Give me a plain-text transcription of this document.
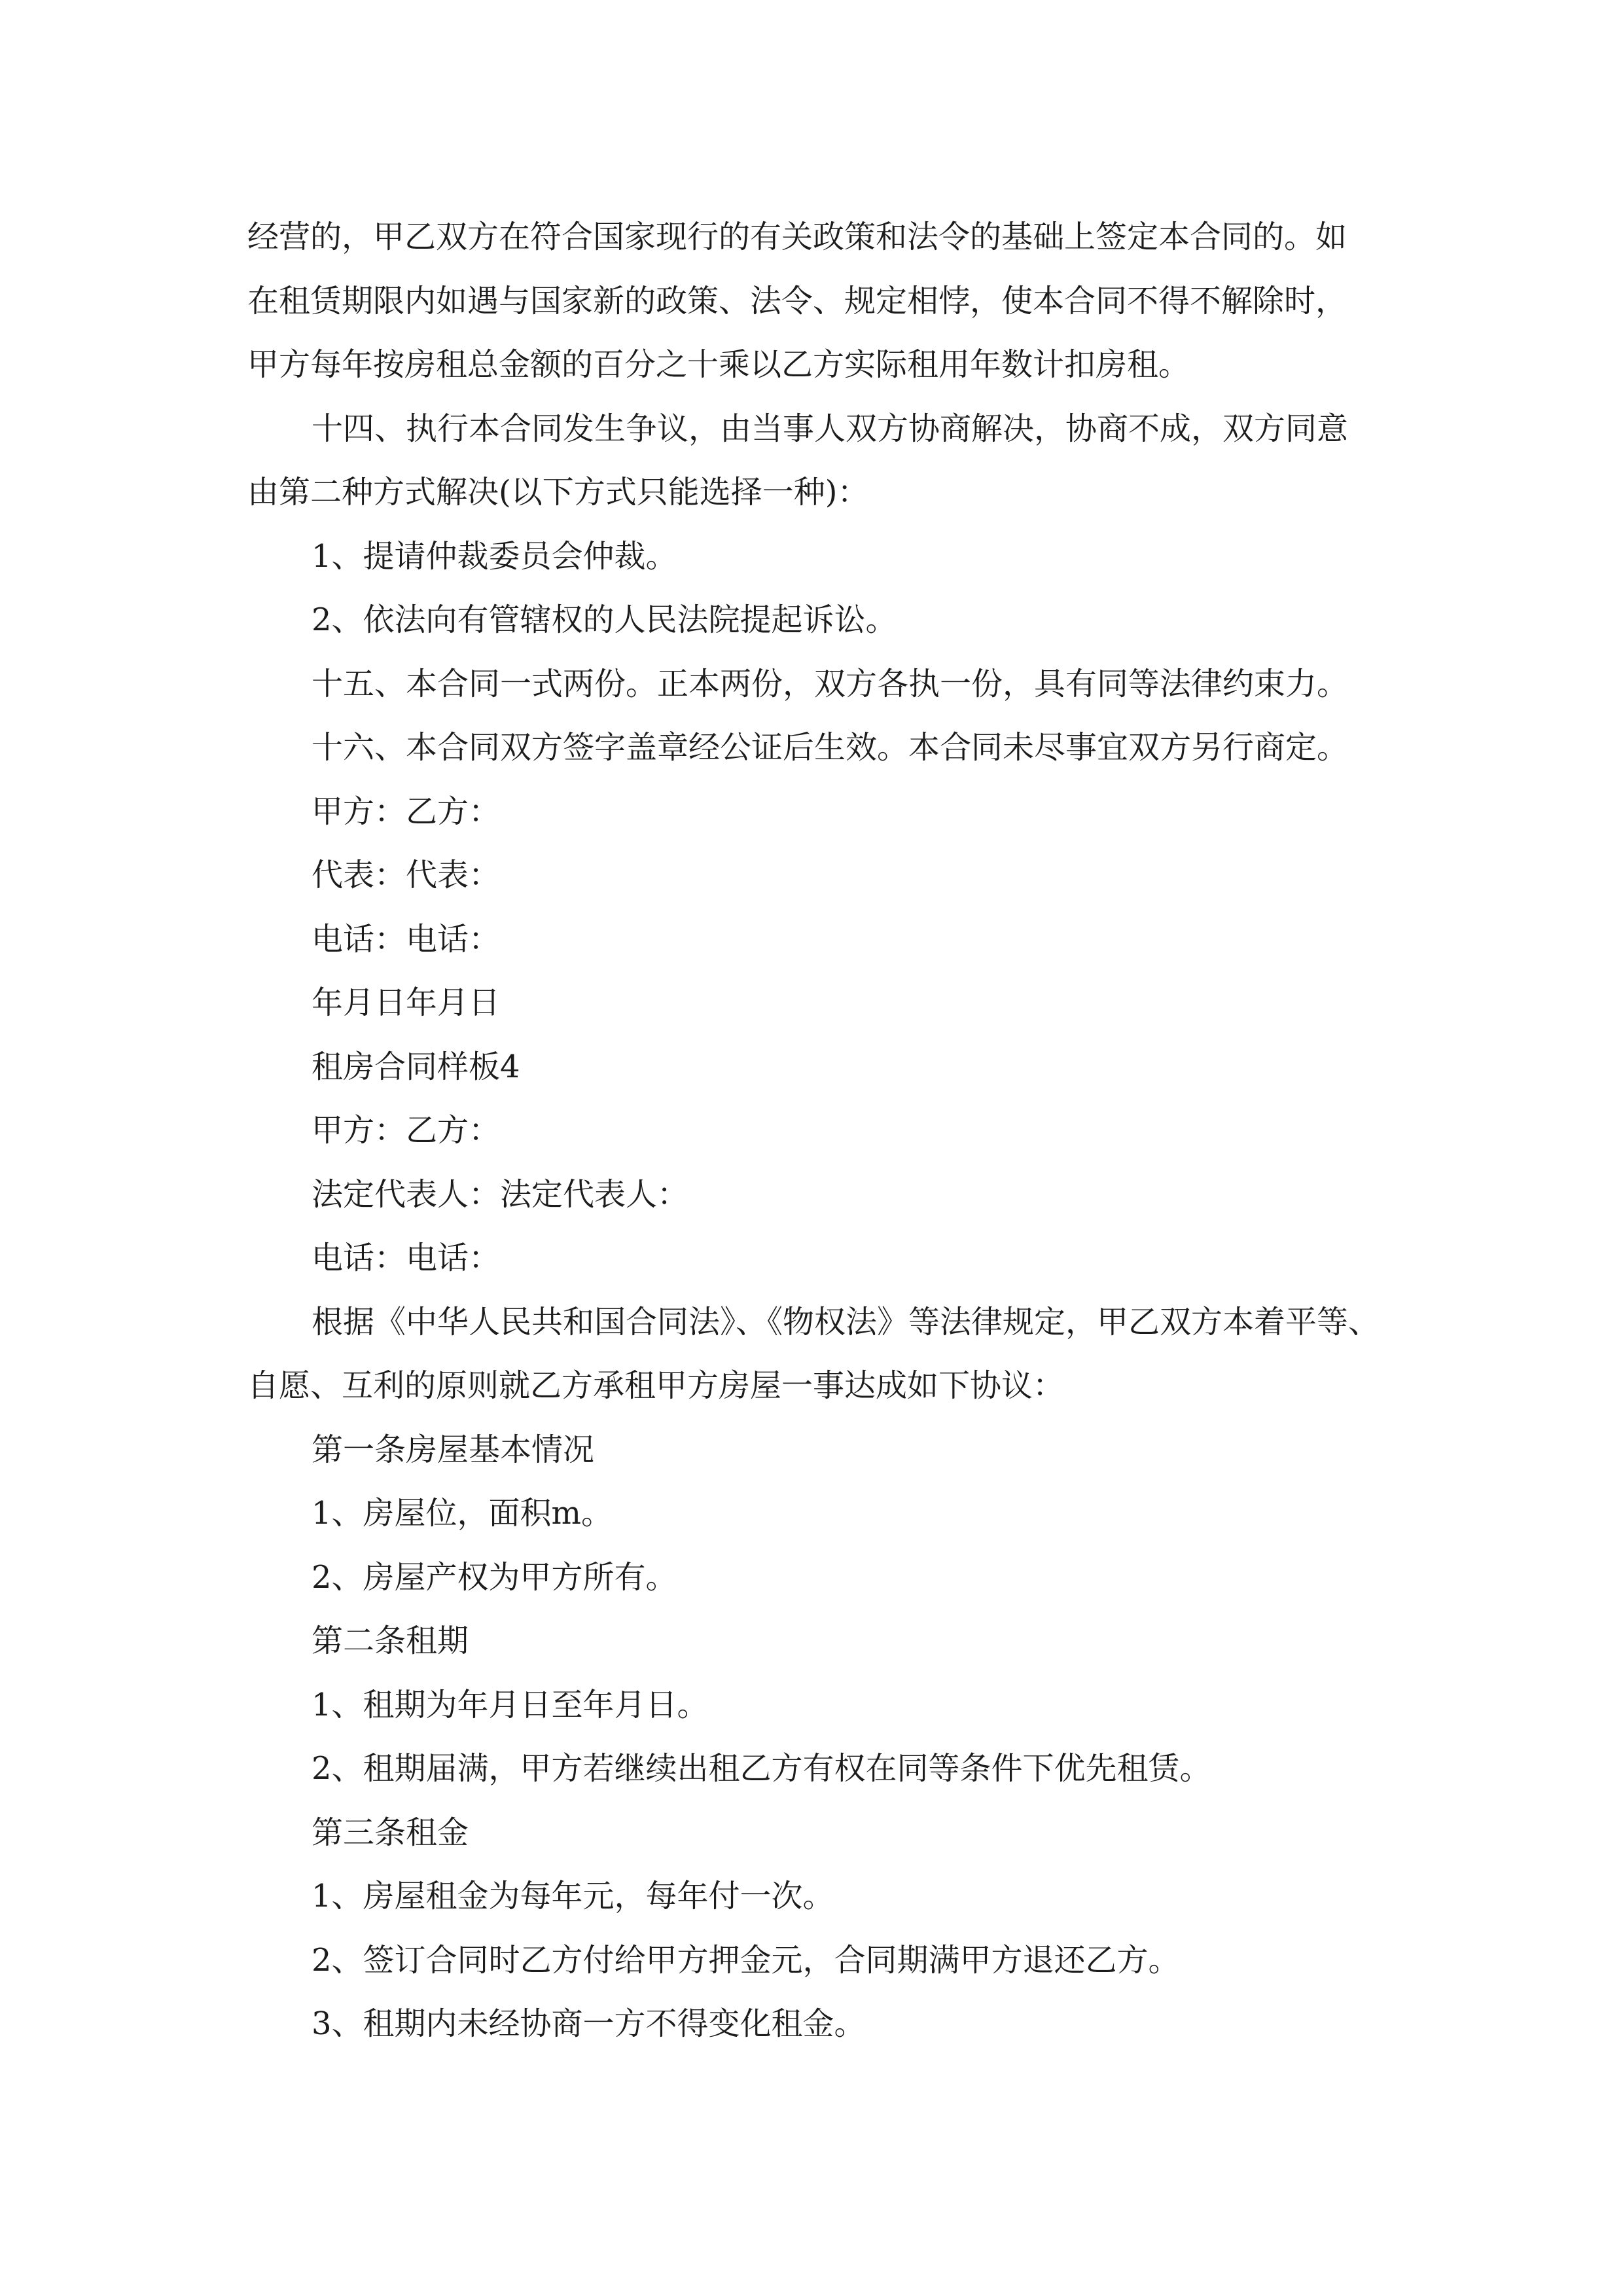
经营的，甲乙双方在符合国家现行的有关政策和法令的基础上签定本合同的。如
在租赁期限内如遇与国家新的政策、法令、规定相悖，使本合同不得不解除时，
甲方每年按房租总金额的百分之十乘以乙方实际租用年数计扣房租。
十四、执行本合同发生争议，由当事人双方协商解决，协商不成，双方同意
由第二种方式解决(以下方式只能选择一种)：
1、提请仲裁委员会仲裁。
2、依法向有管辖权的人民法院提起诉讼。
十五、本合同一式两份。正本两份，双方各执一份，具有同等法律约束力。
十六、本合同双方签字盖章经公证后生效。本合同未尽事宜双方另行商定。
甲方：乙方：
代表：代表：
电话：电话：
年月日年月日
租房合同样板4
甲方：乙方：
法定代表人：法定代表人：
电话：电话：
根据《中华人民共和国合同法》、《物权法》等法律规定，甲乙双方本着平等、
自愿、互利的原则就乙方承租甲方房屋一事达成如下协议：
第一条房屋基本情况
1、房屋位，面积m。
2、房屋产权为甲方所有。
第二条租期
1、租期为年月日至年月日。
2、租期届满，甲方若继续出租乙方有权在同等条件下优先租赁。
第三条租金
1、房屋租金为每年元，每年付一次。
2、签订合同时乙方付给甲方押金元，合同期满甲方退还乙方。
3、租期内未经协商一方不得变化租金。
